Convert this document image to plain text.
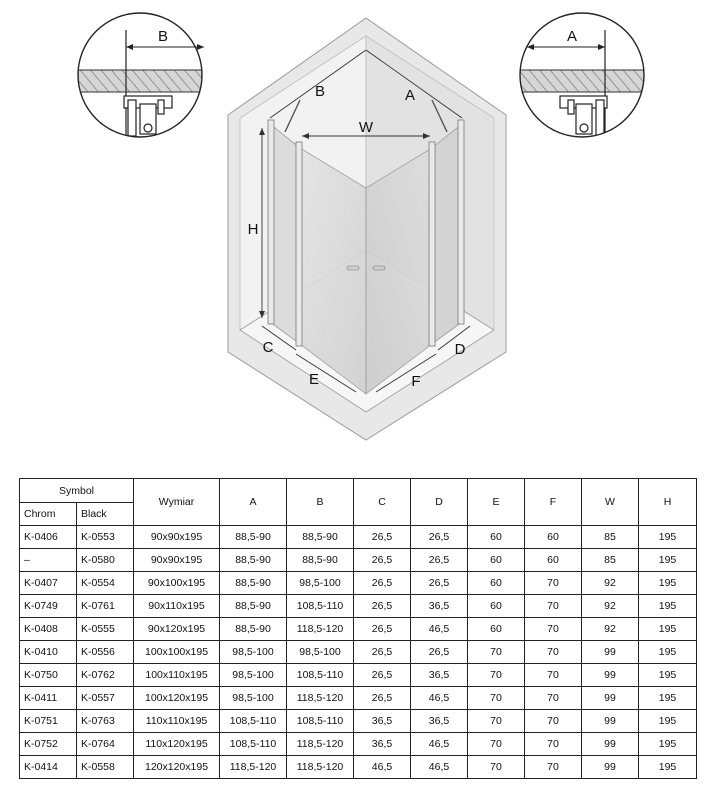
B	A
B	A
W
H
C	D
E	F
Symbol		Wymiar	A	B	C	D	E	F	W	H
Chrom	Black									
K-0406	K-0553	90x90x195	88,5-90	88,5-90	26,5	26,5	60	60	85	195
–	K-0580	90x90x195	88,5-90	88,5-90	26,5	26,5	60	60	85	195
K-0407	K-0554	90x100x195	88,5-90	98,5-100	26,5	26,5	60	70	92	195
K-0749	K-0761	90x110x195	88,5-90	108,5-110	26,5	36,5	60	70	92	195
K-0408	K-0555	90x120x195	88,5-90	118,5-120	26,5	46,5	60	70	92	195
K-0410	K-0556	100x100x195	98,5-100	98,5-100	26,5	26,5	70	70	99	195
K-0750	K-0762	100x110x195	98,5-100	108,5-110	26,5	36,5	70	70	99	195
K-0411	K-0557	100x120x195	98,5-100	118,5-120	26,5	46,5	70	70	99	195
K-0751	K-0763	110x110x195	108,5-110	108,5-110	36,5	36,5	70	70	99	195
K-0752	K-0764	110x120x195	108,5-110	118,5-120	36,5	46,5	70	70	99	195
K-0414	K-0558	120x120x195	118,5-120	118,5-120	46,5	46,5	70	70	99	195
